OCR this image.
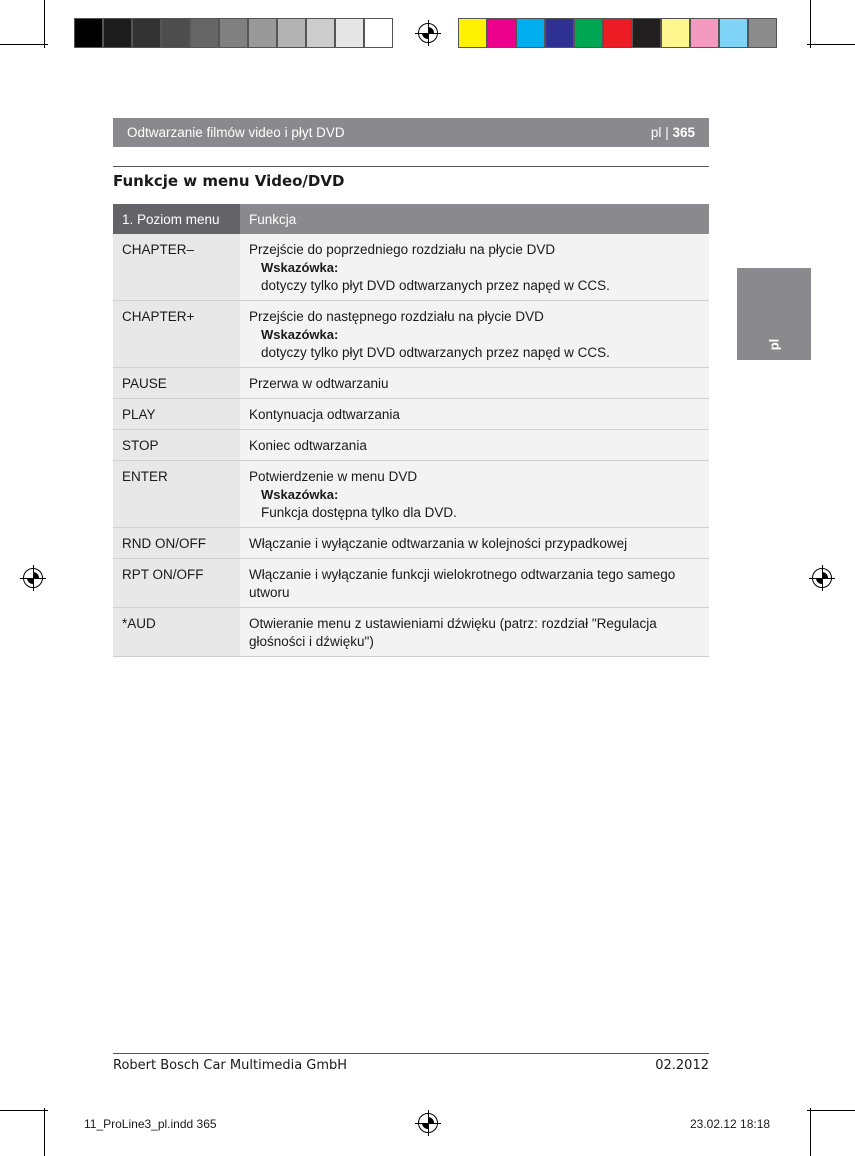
Odtwarzanie filmów video i płyt DVD	pl | 365
Funkcje w menu Video/DVD
pl
1. Poziom menu	Funkcja
CHAPTER–	Przejście do poprzedniego rozdziału na płycie DVD
Wskazówka:
dotyczy tylko płyt DVD odtwarzanych przez napęd w CCS.

CHAPTER+	Przejście do następnego rozdziału na płycie DVD
Wskazówka:
dotyczy tylko płyt DVD odtwarzanych przez napęd w CCS.

PAUSE	Przerwa w odtwarzaniu
PLAY	Kontynuacja odtwarzania
STOP	Koniec odtwarzania
ENTER	Potwierdzenie w menu DVD
Wskazówka:
Funkcja dostępna tylko dla DVD.

RND ON/OFF	Włączanie i wyłączanie odtwarzania w kolejności przypadkowej
RPT ON/OFF	Włączanie i wyłączanie funkcji wielokrotnego odtwarzania tego samego utworu
*AUD	Otwieranie menu z ustawieniami dźwięku (patrz: rozdział "Regulacja głośności i dźwięku")
Robert Bosch Car Multimedia GmbH	02.2012
11_ProLine3_pl.indd 365	23.02.12 18:18
